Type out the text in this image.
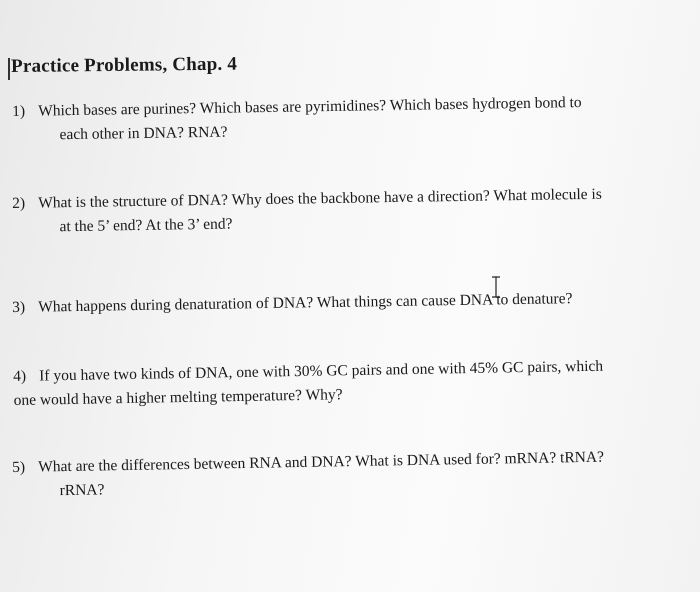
Practice Problems, Chap. 4
1) Which bases are purines? Which bases are pyrimidines? Which bases hydrogen bond to
each other in DNA? RNA?
2) What is the structure of DNA? Why does the backbone have a direction? What molecule is
at the 5’ end? At the 3’ end?
3) What happens during denaturation of DNA? What things can cause DNA to denature?
4) If you have two kinds of DNA, one with 30% GC pairs and one with 45% GC pairs, which
one would have a higher melting temperature? Why?
5) What are the differences between RNA and DNA? What is DNA used for? mRNA? tRNA?
rRNA?
